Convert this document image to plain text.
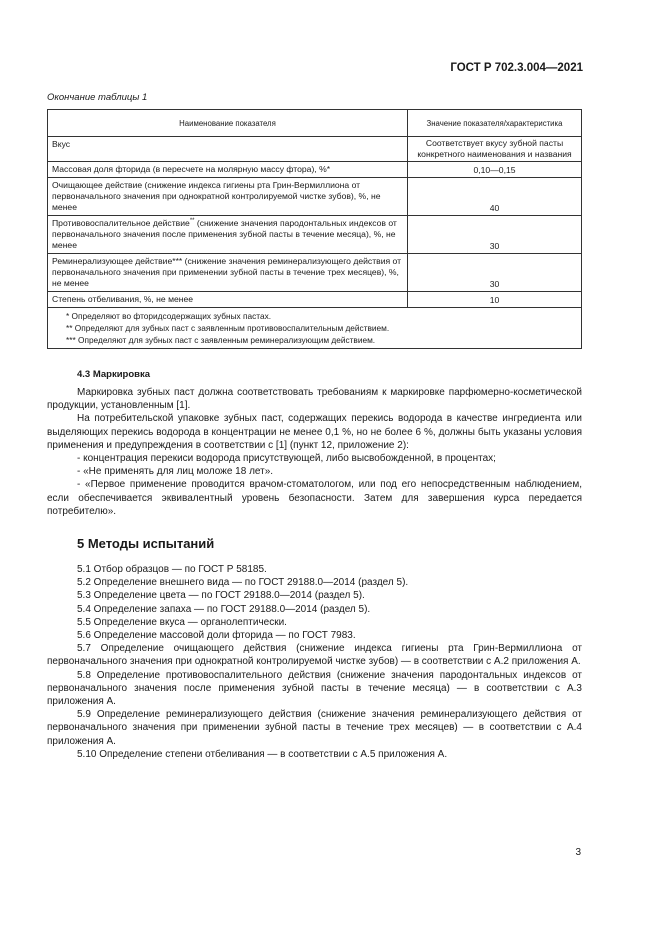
ГОСТ Р 702.3.004—2021
Окончание таблицы 1
Наименование показателя	Значение показателя/характеристика
Вкус	Соответствует вкусу зубной пасты конкретного наименования и названия
Массовая доля фторида (в пересчете на молярную массу фтора), %*	0,10—0,15
Очищающее действие (снижение индекса гигиены рта Грин-Вермиллиона от первоначального значения при однократной контролируемой чистке зубов), %, не менее	40
Противовоспалительное действие** (снижение значения пародонтальных индексов от первоначального значения после применения зубной пасты в течение месяца), %, не менее	30
Реминерализующее действие*** (снижение значения реминерализующего действия от первоначального значения при применении зубной пасты в течение трех месяцев), %, не менее	30
Степень отбеливания, %, не менее	10

* Определяют во фторидсодержащих зубных пастах.
** Определяют для зубных паст с заявленным противовоспалительным действием.
*** Определяют для зубных паст с заявленным реминерализующим действием.	
4.3 Маркировка

Маркировка зубных паст должна соответствовать требованиям к маркировке парфюмерно-косметической продукции, установленным [1].

На потребительской упаковке зубных паст, содержащих перекись водорода в качестве ингредиента или выделяющих перекись водорода в концентрации не менее 0,1 %, но не более 6 %, должны быть указаны условия применения и предупреждения в соответствии с [1] (пункт 12, приложение 2):

- концентрация перекиси водорода присутствующей, либо высвобожденной, в процентах;

- «Не применять для лиц моложе 18 лет».

- «Первое применение проводится врачом-стоматологом, или под его непосредственным наблюдением, если обеспечивается эквивалентный уровень безопасности. Затем для завершения курса передается потребителю».

5 Методы испытаний

5.1 Отбор образцов — по ГОСТ Р 58185.

5.2 Определение внешнего вида — по ГОСТ 29188.0—2014 (раздел 5).

5.3 Определение цвета — по ГОСТ 29188.0—2014 (раздел 5).

5.4 Определение запаха — по ГОСТ 29188.0—2014 (раздел 5).

5.5 Определение вкуса — органолептически.

5.6 Определение массовой доли фторида — по ГОСТ 7983.

5.7 Определение очищающего действия (снижение индекса гигиены рта Грин-Вермиллиона от первоначального значения при однократной контролируемой чистке зубов) — в соответствии с А.2 приложения А.

5.8 Определение противовоспалительного действия (снижение значения пародонтальных индексов от первоначального значения после применения зубной пасты в течение месяца) — в соответствии с А.3 приложения А.

5.9 Определение реминерализующего действия (снижение значения реминерализующего действия от первоначального значения при применении зубной пасты в течение трех месяцев) — в соответствии с А.4 приложения А.

5.10 Определение степени отбеливания — в соответствии с А.5 приложения А.

3
